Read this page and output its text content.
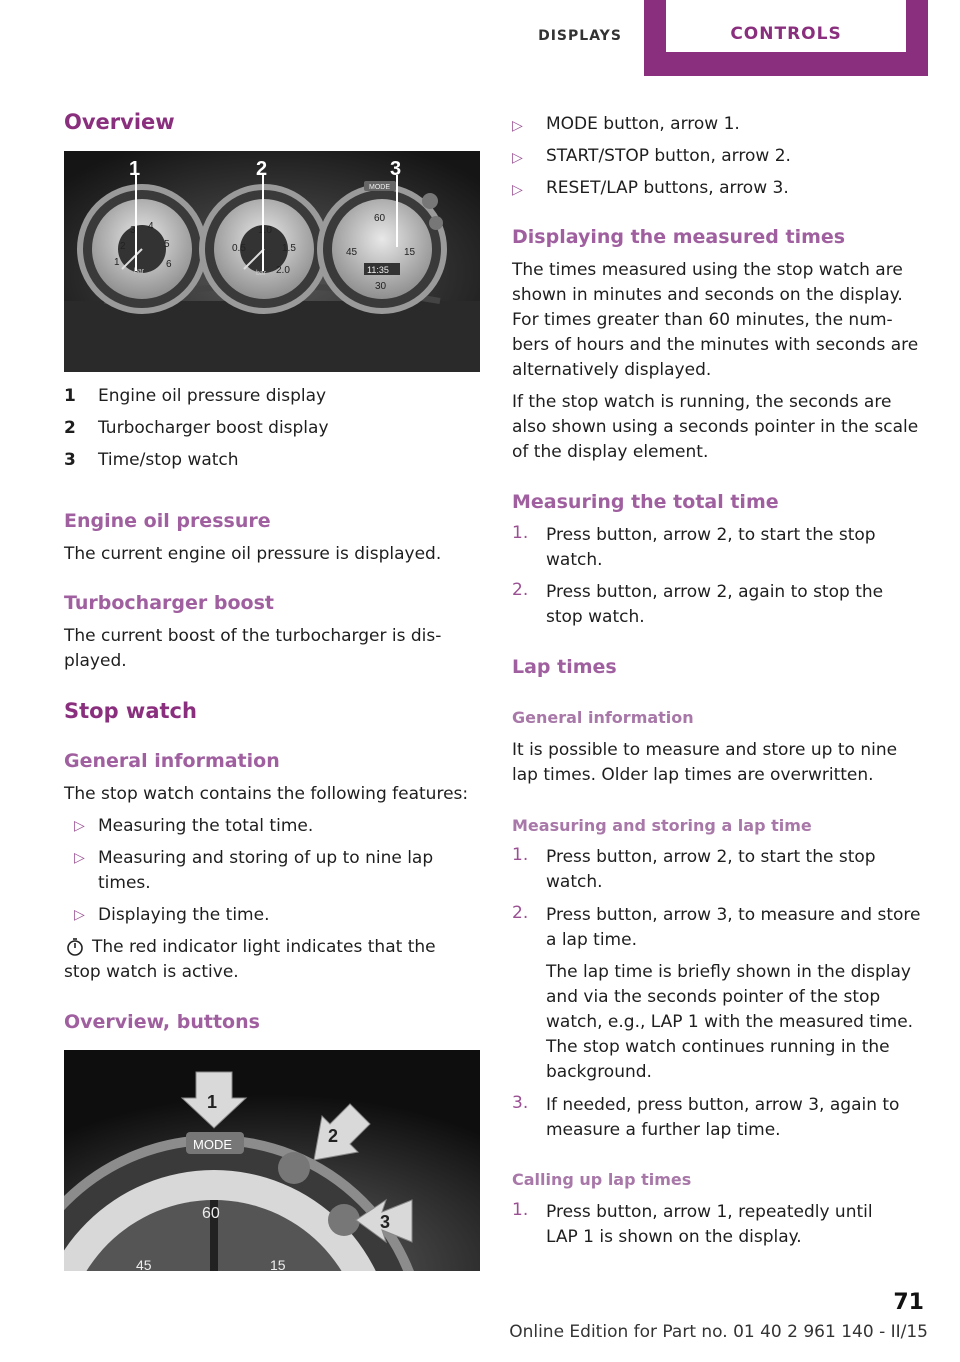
DISPLAYS	CONTROLS
Overview
1
2
3 4
5
6
bar
0.5
1.0
1.5
2.0
bar
60
15
45
30
11:35
MODE
1	2	3
1 Engine oil pressure display
2 Turbocharger boost display
3 Time/stop watch
Engine oil pressure

The current engine oil pressure is displayed.

Turbocharger boost

The current boost of the turbocharger is dis‐

played.

Stop watch
General information

The stop watch contains the following features:

▷ Measuring the total time.

▷ Measuring and storing of up to nine lap

times.

▷ Displaying the time.

The red indicator light indicates that the

stop watch is active.

Overview, buttons
60
45	15
MODE
1
2
3
▷ MODE button, arrow 1.

▷ START/STOP button, arrow 2.

▷ RESET/LAP buttons, arrow 3.

Displaying the measured times

The times measured using the stop watch are

shown in minutes and seconds on the display.

For times greater than 60 minutes, the num‐

bers of hours and the minutes with seconds are

alternatively displayed.

If the stop watch is running, the seconds are

also shown using a seconds pointer in the scale

of the display element.

Measuring the total time
1. Press button, arrow 2, to start the stop

watch.

2. Press button, arrow 2, again to stop the

stop watch.

Lap times
General information

It is possible to measure and store up to nine

lap times. Older lap times are overwritten.

Measuring and storing a lap time
1. Press button, arrow 2, to start the stop

watch.

2. Press button, arrow 3, to measure and store

a lap time.

The lap time is briefly shown in the display

and via the seconds pointer of the stop

watch, e.g., LAP 1 with the measured time.

The stop watch continues running in the

background.

3. If needed, press button, arrow 3, again to

measure a further lap time.

Calling up lap times
1. Press button, arrow 1, repeatedly until

LAP 1 is shown on the display.

71
Online Edition for Part no. 01 40 2 961 140 - II/15
